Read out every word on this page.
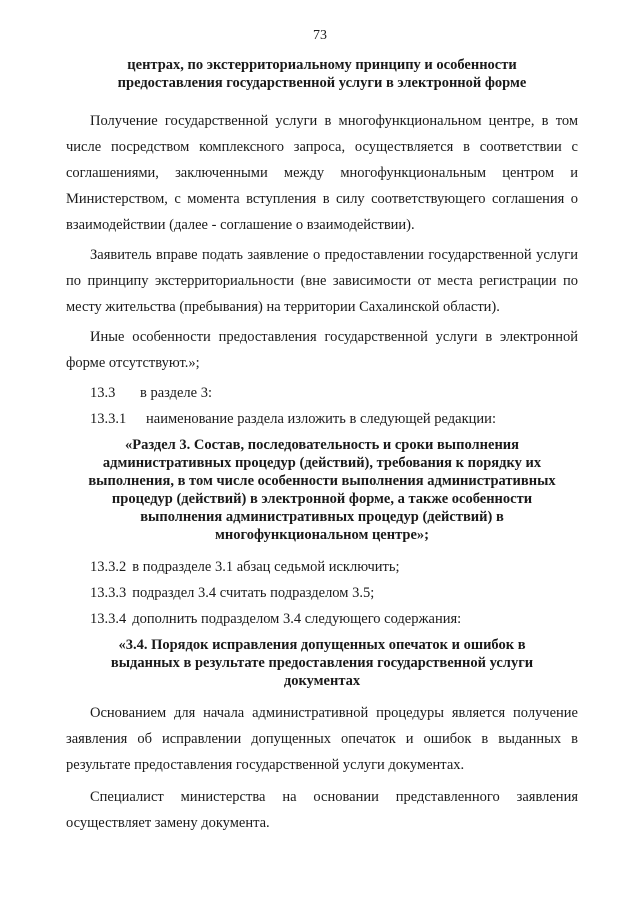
73
центрах, по экстерриториальному принципу и особенности
предоставления государственной услуги в электронной форме

Получение государственной услуги в многофункциональном центре, в том числе посредством комплексного запроса, осуществляется в соответствии с соглашениями, заключенными между многофункциональным центром и Министерством, с момента вступления в силу соответствующего соглашения о взаимодействии (далее - соглашение о взаимодействии).

Заявитель вправе подать заявление о предоставлении государственной услуги по принципу экстерриториальности (вне зависимости от места регистрации по месту жительства (пребывания) на территории Сахалинской области).

Иные особенности предоставления государственной услуги в электронной форме отсутствуют.»;

13.3 в разделе 3:
13.3.1 наименование раздела изложить в следующей редакции:
«Раздел 3. Состав, последовательность и сроки выполнения
административных процедур (действий), требования к порядку их
выполнения, в том числе особенности выполнения административных
процедур (действий) в электронной форме, а также особенности
выполнения административных процедур (действий) в
многофункциональном центре»;
13.3.2 в подразделе 3.1 абзац седьмой исключить;
13.3.3 подраздел 3.4 считать подразделом 3.5;
13.3.4 дополнить подразделом 3.4 следующего содержания:
«3.4. Порядок исправления допущенных опечаток и ошибок в
выданных в результате предоставления государственной услуги
документах

Основанием для начала административной процедуры является получение заявления об исправлении допущенных опечаток и ошибок в выданных в результате предоставления государственной услуги документах.

Специалист министерства на основании представленного заявления осуществляет замену документа.
